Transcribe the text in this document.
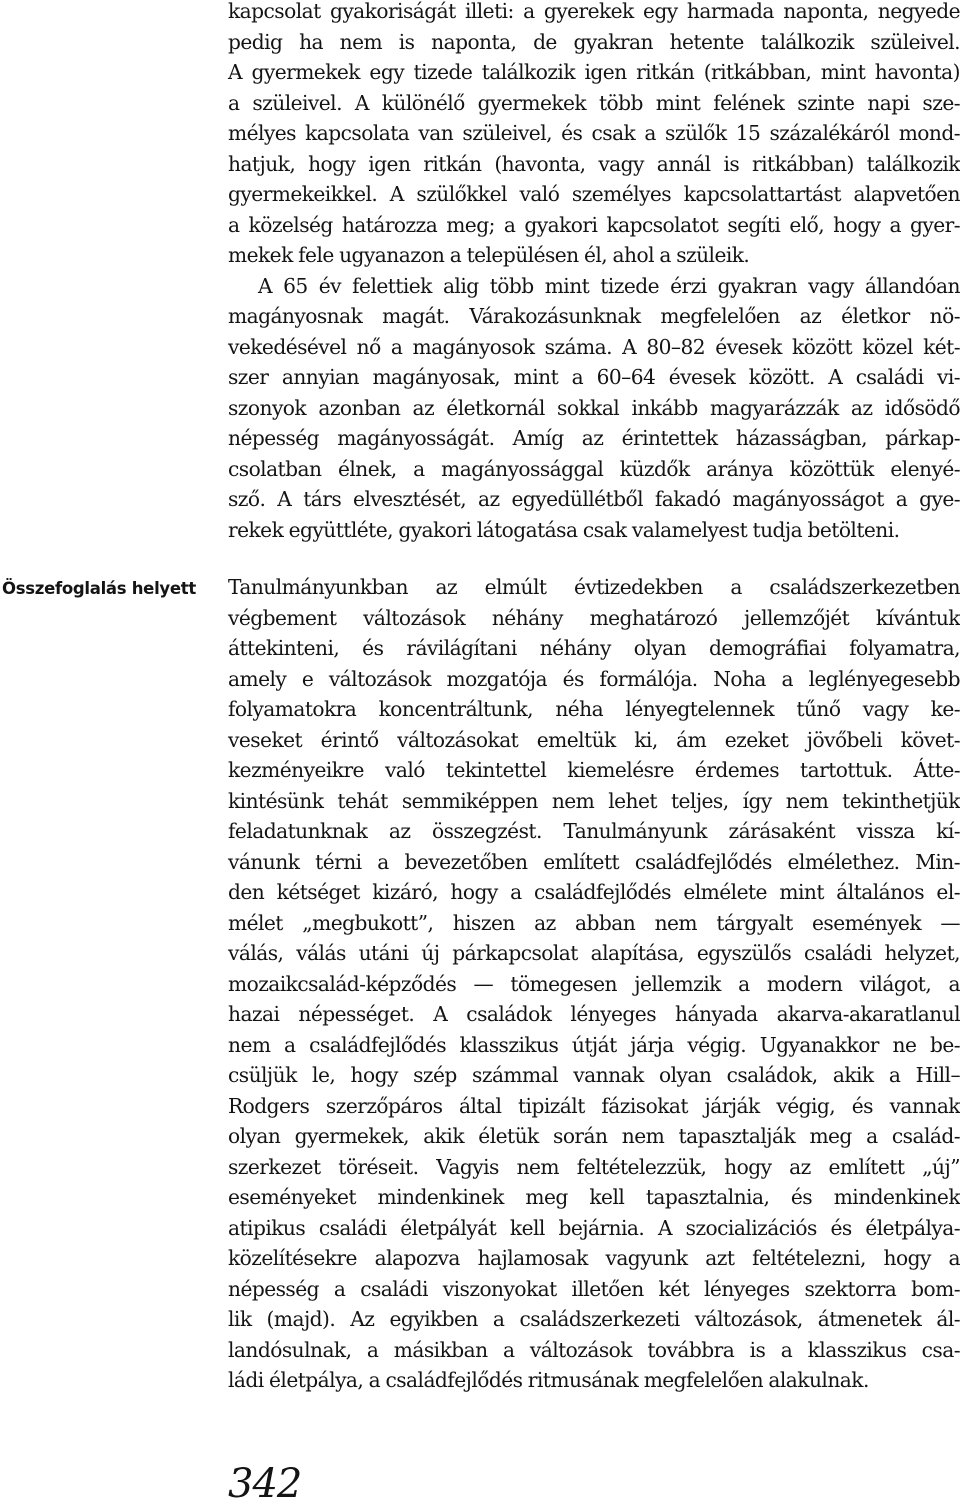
kapcsolat gyakoriságát illeti: a gyerekek egy harmada naponta, negyede
pedig ha nem is naponta, de gyakran hetente találkozik szüleivel.
A gyermekek egy tizede találkozik igen ritkán (ritkábban, mint havonta)
a szüleivel. A különélő gyermekek több mint felének szinte napi sze-
mélyes kapcsolata van szüleivel, és csak a szülők 15 százalékáról mond-
hatjuk, hogy igen ritkán (havonta, vagy annál is ritkábban) találkozik
gyermekeikkel. A szülőkkel való személyes kapcsolattartást alapvetően
a közelség határozza meg; a gyakori kapcsolatot segíti elő, hogy a gyer-
mekek fele ugyanazon a településen él, ahol a szüleik.
A 65 év felettiek alig több mint tizede érzi gyakran vagy állandóan
magányosnak magát. Várakozásunknak megfelelően az életkor nö-
vekedésével nő a magányosok száma. A 80–82 évesek között közel két-
szer annyian magányosak, mint a 60–64 évesek között. A családi vi-
szonyok azonban az életkornál sokkal inkább magyarázzák az idősödő
népesség magányosságát. Amíg az érintettek házasságban, párkap-
csolatban élnek, a magányossággal küzdők aránya közöttük elenyé-
sző. A társ elvesztését, az egyedüllétből fakadó magányosságot a gye-
rekek együttléte, gyakori látogatása csak valamelyest tudja betölteni.
Összefoglalás helyett	Tanulmányunkban az elmúlt évtizedekben a családszerkezetben
végbement változások néhány meghatározó jellemzőjét kívántuk
áttekinteni, és rávilágítani néhány olyan demográfiai folyamatra,
amely e változások mozgatója és formálója. Noha a leglényegesebb
folyamatokra koncentráltunk, néha lényegtelennek tűnő vagy ke-
veseket érintő változásokat emeltük ki, ám ezeket jövőbeli követ-
kezményeikre való tekintettel kiemelésre érdemes tartottuk. Átte-
kintésünk tehát semmiképpen nem lehet teljes, így nem tekinthetjük
feladatunknak az összegzést. Tanulmányunk zárásaként vissza kí-
vánunk térni a bevezetőben említett családfejlődés elmélethez. Min-
den kétséget kizáró, hogy a családfejlődés elmélete mint általános el-
mélet „megbukott”, hiszen az abban nem tárgyalt események —
válás, válás utáni új párkapcsolat alapítása, egyszülős családi helyzet,
mozaikcsalád-képződés — tömegesen jellemzik a modern világot, a
hazai népességet. A családok lényeges hányada akarva-akaratlanul
nem a családfejlődés klasszikus útját járja végig. Ugyanakkor ne be-
csüljük le, hogy szép számmal vannak olyan családok, akik a Hill–
Rodgers szerzőpáros által tipizált fázisokat járják végig, és vannak
olyan gyermekek, akik életük során nem tapasztalják meg a család-
szerkezet töréseit. Vagyis nem feltételezzük, hogy az említett „új”
eseményeket mindenkinek meg kell tapasztalnia, és mindenkinek
atipikus családi életpályát kell bejárnia. A szocializációs és életpálya-
közelítésekre alapozva hajlamosak vagyunk azt feltételezni, hogy a
népesség a családi viszonyokat illetően két lényeges szektorra bom-
lik (majd). Az egyikben a családszerkezeti változások, átmenetek ál-
landósulnak, a másikban a változások továbbra is a klasszikus csa-
ládi életpálya, a családfejlődés ritmusának megfelelően alakulnak.
342
